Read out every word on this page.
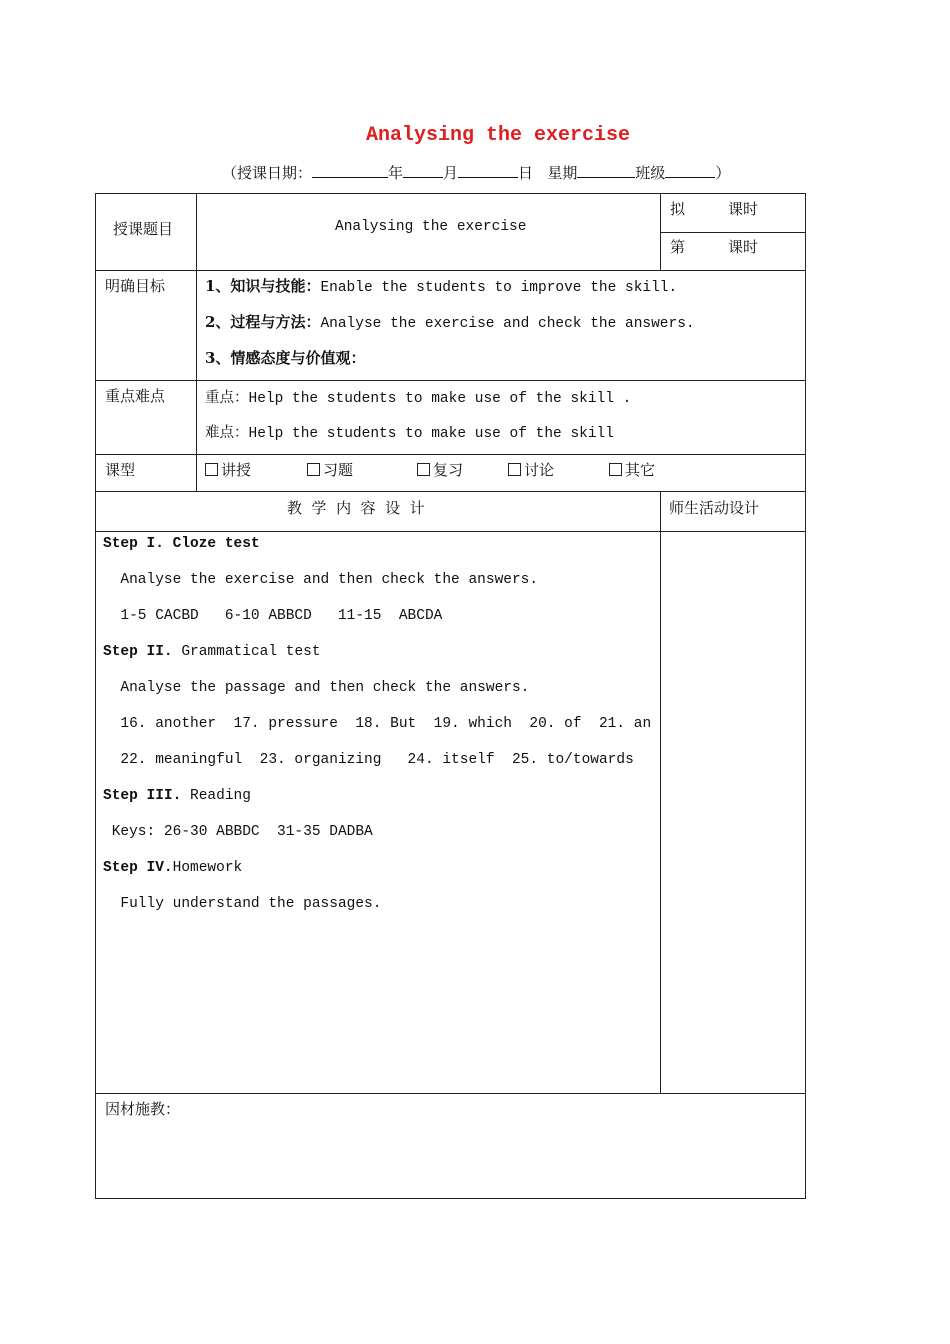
Analysing the exercise
（授课日期：	年	月	日 星期	班级	）
授课题目	Analysing the exercise
拟	课时
第	课时
明确目标	1、知识与技能：Enable the students to improve the skill.
2、过程与方法：Analyse the exercise and check the answers.
3、情感态度与价值观：
重点难点	重点：Help the students to make use of the skill .
难点：Help the students to make use of the skill
课型	讲授	习题	复习	讨论	其它
教  学  内  容  设  计	师生活动设计
Step I. Cloze test
Analyse the exercise and then check the answers.
1-5 CACBD   6-10 ABBCD   11-15  ABCDA
Step II. Grammatical test
Analyse the passage and then check the answers.
16. another  17. pressure  18. But  19. which  20. of  21. an
22. meaningful  23. organizing   24. itself  25. to/towards
Step III. Reading
Keys: 26-30 ABBDC  31-35 DADBA
Step IV.Homework
Fully understand the passages.
因材施教：
